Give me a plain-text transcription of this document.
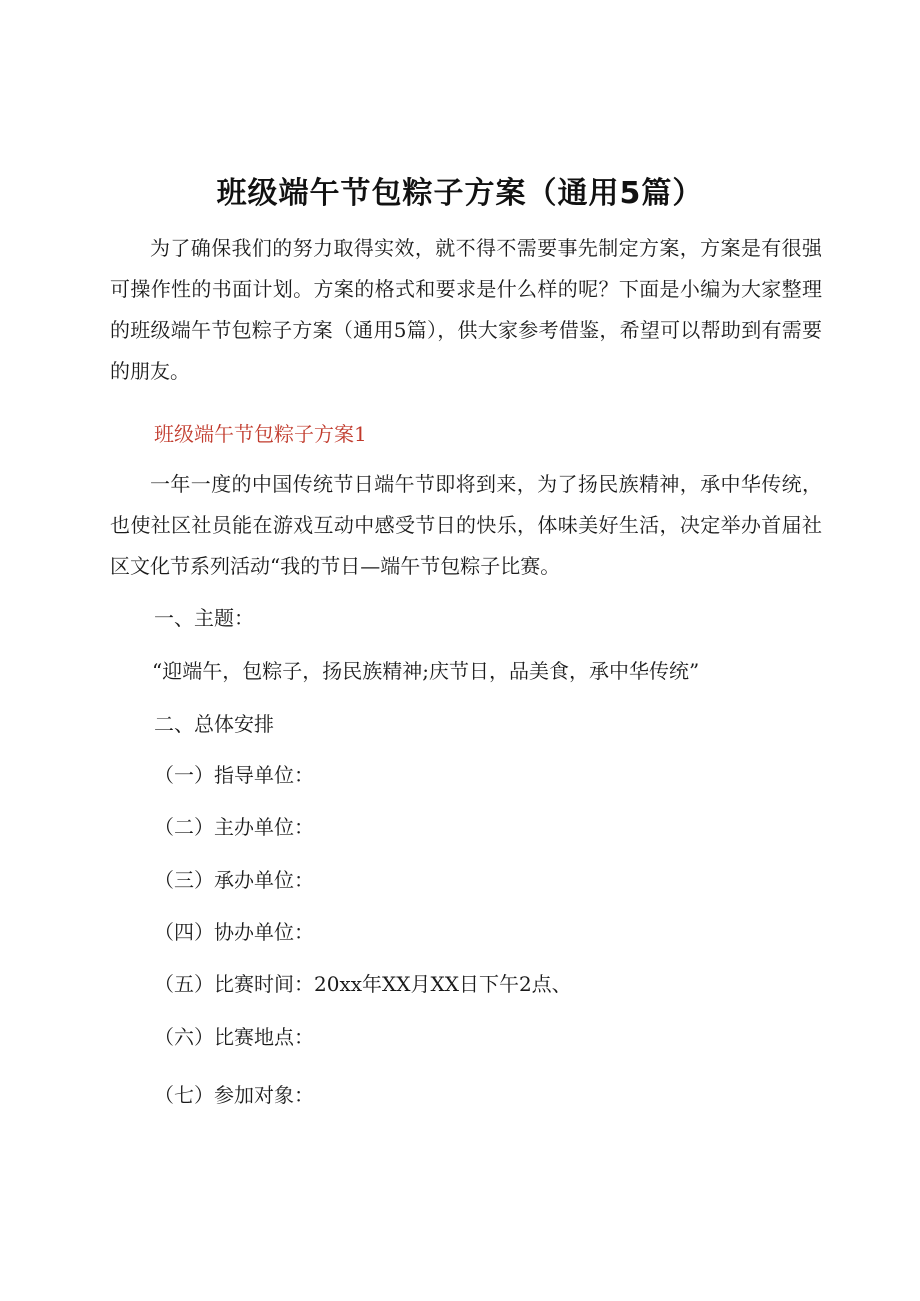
班级端午节包粽子方案（通用5篇）

为了确保我们的努力取得实效，就不得不需要事先制定方案，方案是有很强可操作性的书面计划。方案的格式和要求是什么样的呢？下面是小编为大家整理的班级端午节包粽子方案（通用5篇），供大家参考借鉴，希望可以帮助到有需要的朋友。

班级端午节包粽子方案1

一年一度的中国传统节日端午节即将到来，为了扬民族精神，承中华传统，也使社区社员能在游戏互动中感受节日的快乐，体味美好生活，决定举办首届社区文化节系列活动“我的节日—端午节包粽子比赛。

一、主题：

“迎端午，包粽子，扬民族精神;庆节日，品美食，承中华传统”

二、总体安排

（一）指导单位：

（二）主办单位：

（三）承办单位：

（四）协办单位：

（五）比赛时间：20xx年XX月XX日下午2点、

（六）比赛地点：

（七）参加对象：
